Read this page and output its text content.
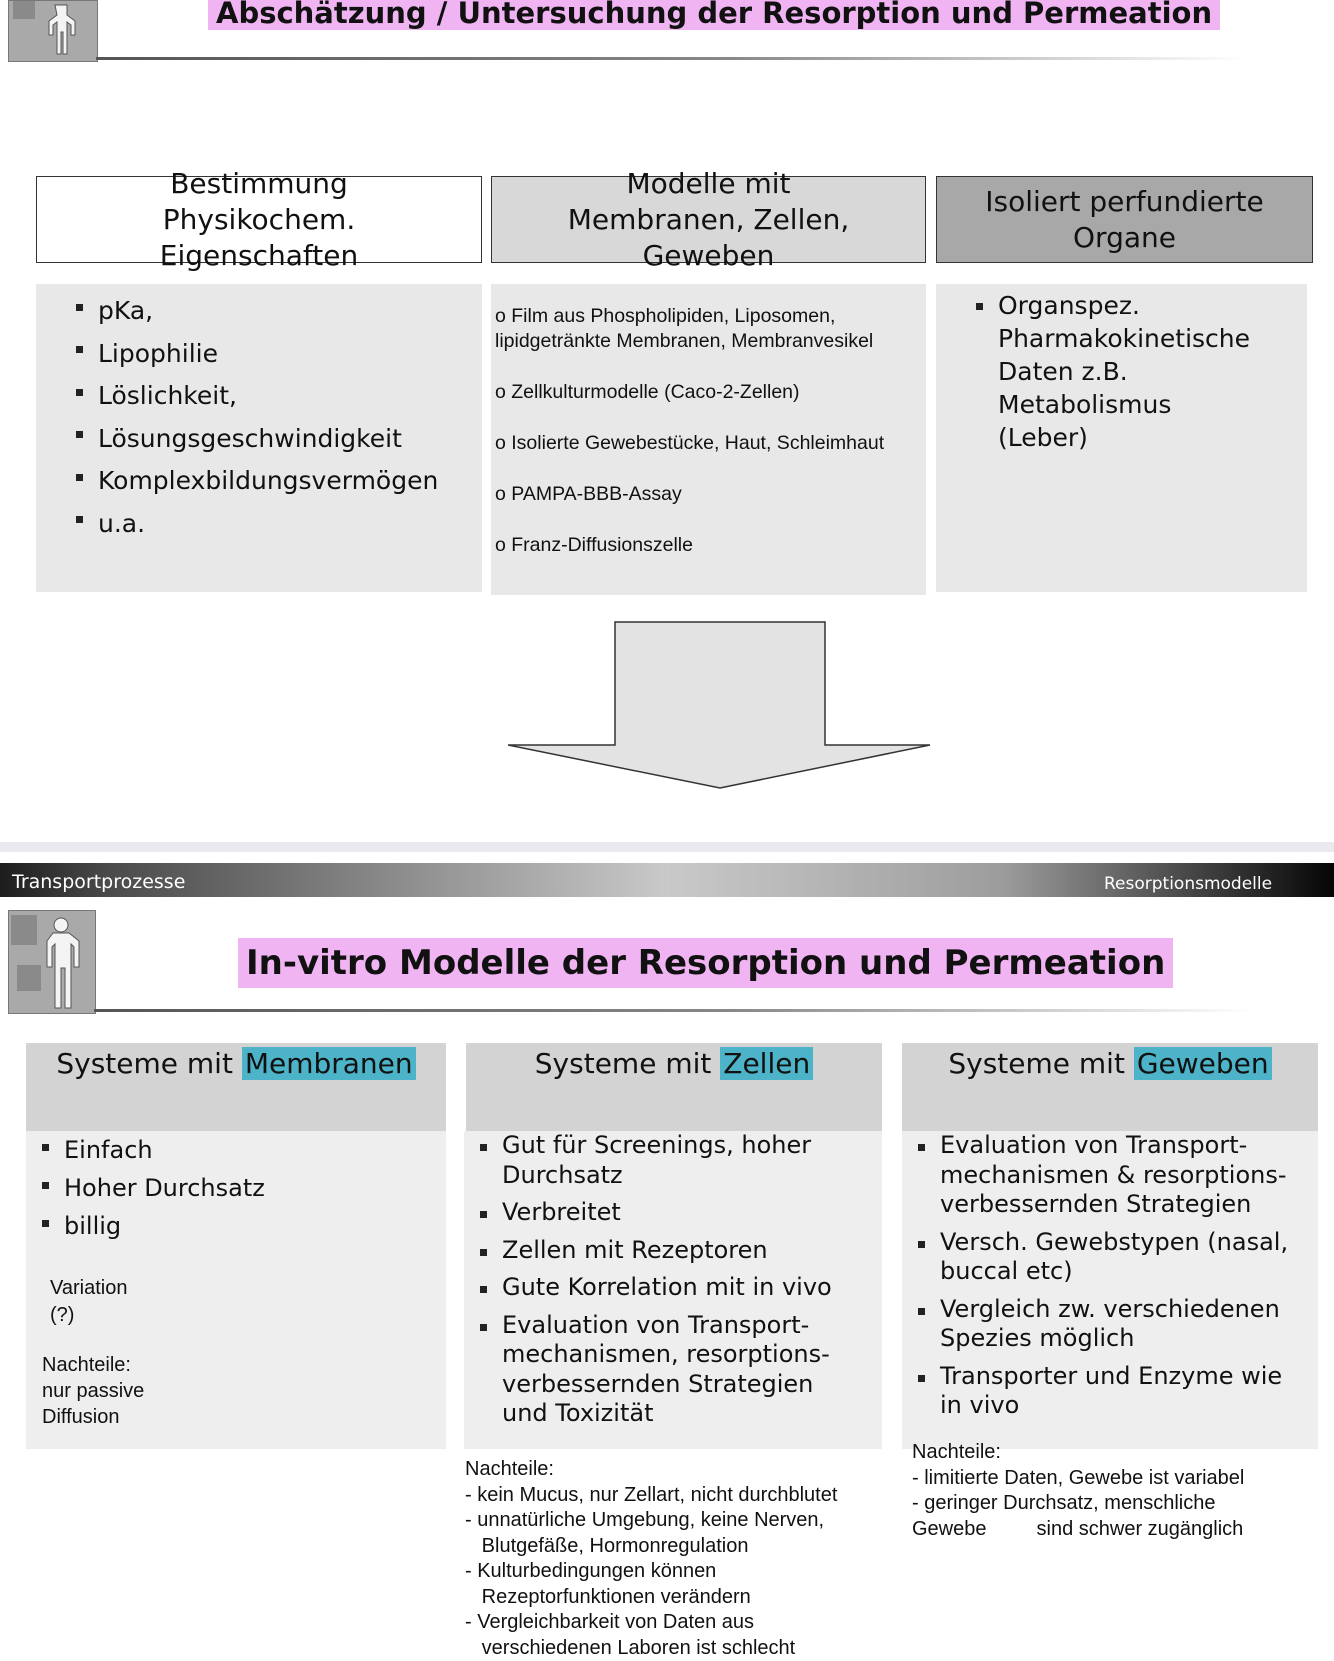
Abschätzung / Untersuchung der Resorption und Permeation
Bestimmung Physikochem. Eigenschaften
Modelle mit Membranen, Zellen, Geweben
Isoliert perfundierte Organe
pKa,
Lipophilie
Löslichkeit,
Lösungsgeschwindigkeit
Komplexbildungsvermögen
u.a.
o Film aus Phospholipiden, Liposomen, lipidgetränkte Membranen, Membranvesikel
o Zellkulturmodelle (Caco-2-Zellen)
o Isolierte Gewebestücke, Haut, Schleimhaut
o PAMPA-BBB-Assay
o Franz-Diffusionszelle
Organspez. Pharmakokinetische Daten z.B. Metabolismus (Leber)
Transportprozesse	Resorptionsmodelle
In-vitro Modelle der Resorption und Permeation
Systeme mit Membranen
Einfach
Hoher Durchsatz
billig
Variation
(?)
Nachteile:
nur passive
Diffusion
Systeme mit Zellen
Gut für Screenings, hoher Durchsatz
Verbreitet
Zellen mit Rezeptoren
Gute Korrelation mit in vivo
Evaluation von Transport-mechanismen, resorptions-verbessernden Strategien und Toxizität
Nachteile:
- kein Mucus, nur Zellart, nicht durchblutet
- unnatürliche Umgebung, keine Nerven,
Blutgefäße, Hormonregulation
- Kulturbedingungen können
Rezeptorfunktionen verändern
- Vergleichbarkeit von Daten aus
verschiedenen Laboren ist schlecht
Systeme mit Geweben
Evaluation von Transport-mechanismen & resorptions-verbessernden Strategien
Versch. Gewebstypen (nasal, buccal etc)
Vergleich zw. verschiedenen Spezies möglich
Transporter und Enzyme wie in vivo
Nachteile:
- limitierte Daten, Gewebe ist variabel
- geringer Durchsatz, menschliche
Gewebe         sind schwer zugänglich
